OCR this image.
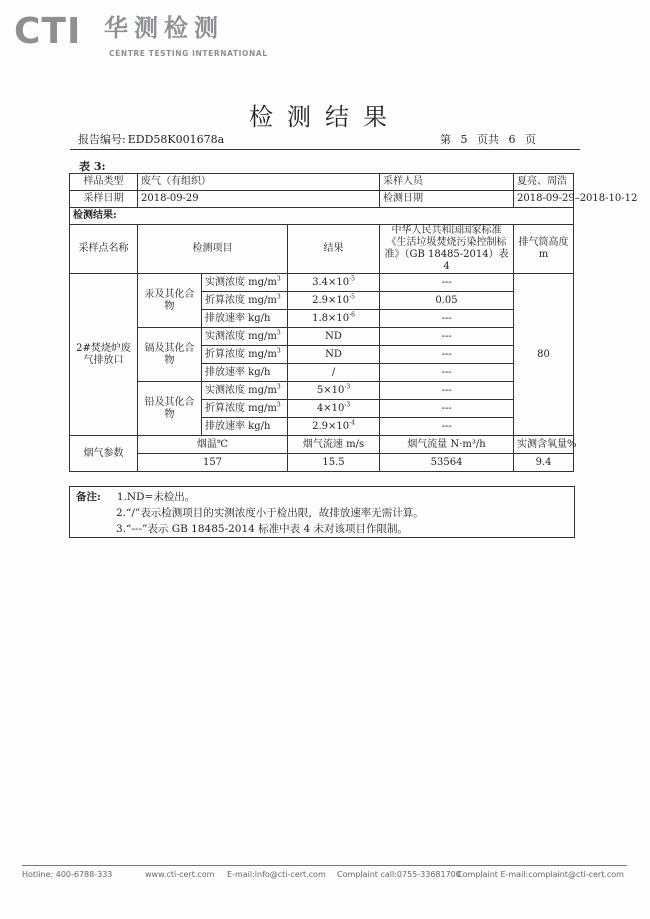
CTI 华测检测
CENTRE TESTING INTERNATIONAL
检测结果
报告编号: EDD58K001678a	第 5 页共 6 页
表 3:
样品类型	废气（有组织）			采样人员	夏亮、周浩
采样日期	2018-09-29			检测日期	2018-09-29–2018-10-12
检测结果:					
采样点名称	检测项目		结果	中华人民共和国国家标准《生活垃圾焚烧污染控制标准》（GB 18485-2014）表 4	排气筒高度 m
2#焚烧炉废气排放口	汞及其化合物	实测浓度 $mg/m^3$	$3.4\times 10^{-5}$	---	80
		折算浓度 $mg/m^3$	$2.9\times 10^{-5}$	0.05	
		排放速率 kg/h	$1.8\times 10^{-6}$	---	
	镉及其化合物	实测浓度 $mg/m^3$	ND	---	
		折算浓度 $mg/m^3$	ND	---	
		排放速率 kg/h	/	---	
	铅及其化合物	实测浓度 $mg/m^3$	$5\times 10^{-3}$	---	
		折算浓度 $mg/m^3$	$4\times 10^{-3}$	---	
		排放速率 kg/h	$2.9\times 10^{-4}$	---	
烟气参数	烟温℃		烟气流速 m/s	烟气流量 N·m³/h	实测含氧量%
	157		15.5	53564	9.4
备注: 1.ND=未检出。
2.“/”表示检测项目的实测浓度小于检出限，故排放速率无需计算。
3.“---”表示 GB 18485-2014 标准中表 4 未对该项目作限制。
Hotline: 400-6788-333	www.cti-cert.com E-mail:info@cti-cert.com Complaint call:0755-33681700
Complaint E-mail:complaint@cti-cert.com
